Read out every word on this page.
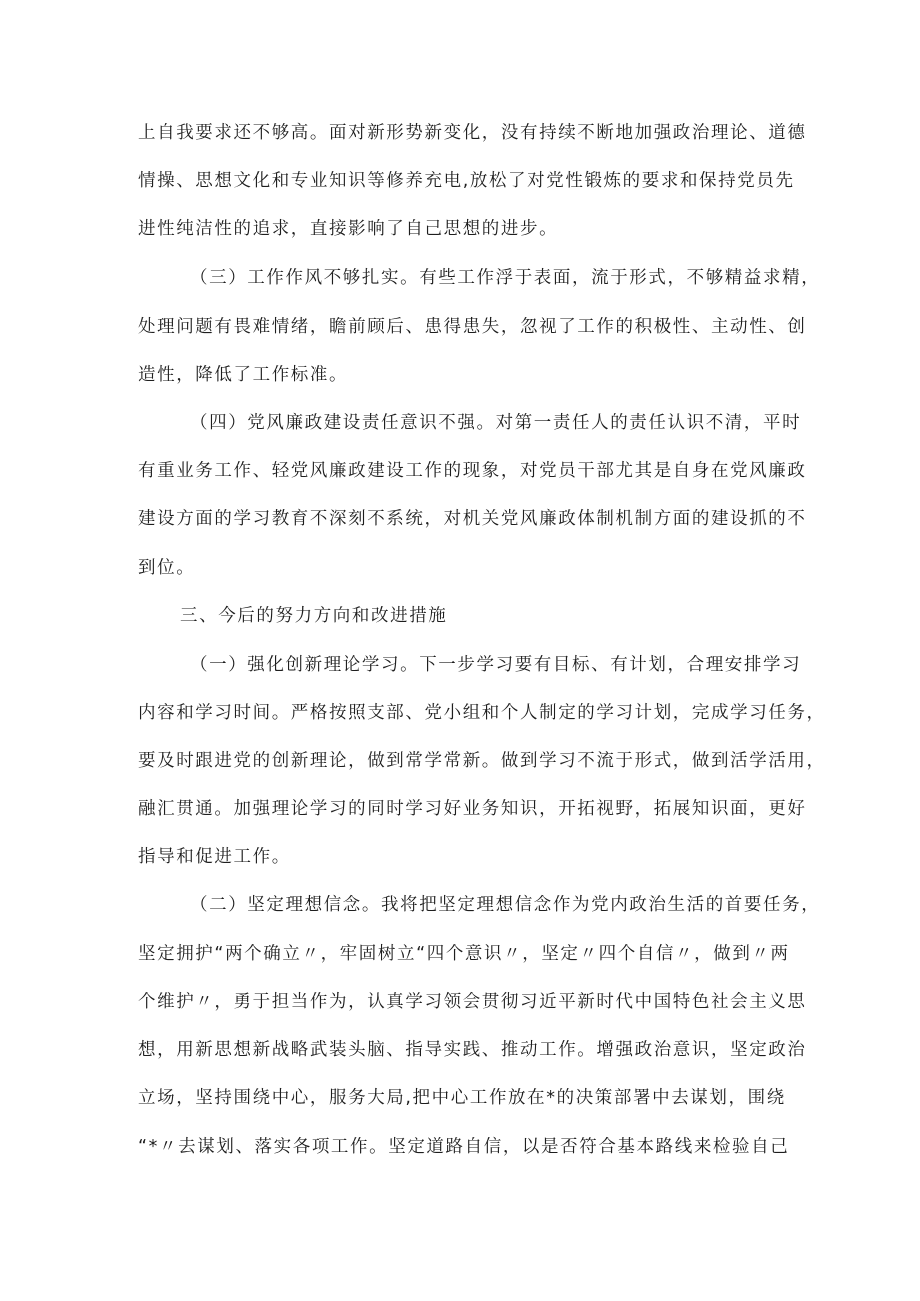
上自我要求还不够高。面对新形势新变化，没有持续不断地加强政治理论、道德

情操、思想文化和专业知识等修养充电,放松了对党性锻炼的要求和保持党员先

进性纯洁性的追求，直接影响了自己思想的进步。

（三）工作作风不够扎实。有些工作浮于表面，流于形式，不够精益求精，

处理问题有畏难情绪，瞻前顾后、患得患失，忽视了工作的积极性、主动性、创

造性，降低了工作标准。

（四）党风廉政建设责任意识不强。对第一责任人的责任认识不清，平时

有重业务工作、轻党风廉政建设工作的现象，对党员干部尤其是自身在党风廉政

建设方面的学习教育不深刻不系统，对机关党风廉政体制机制方面的建设抓的不

到位。

三、今后的努力方向和改进措施

（一）强化创新理论学习。下一步学习要有目标、有计划，合理安排学习

内容和学习时间。严格按照支部、党小组和个人制定的学习计划，完成学习任务，

要及时跟进党的创新理论，做到常学常新。做到学习不流于形式，做到活学活用，

融汇贯通。加强理论学习的同时学习好业务知识，开拓视野，拓展知识面，更好

指导和促进工作。

（二）坚定理想信念。我将把坚定理想信念作为党内政治生活的首要任务，

坚定拥护“两个确立〃，牢固树立“四个意识〃，坚定〃四个自信〃，做到〃两

个维护〃，勇于担当作为，认真学习领会贯彻习近平新时代中国特色社会主义思

想，用新思想新战略武装头脑、指导实践、推动工作。增强政治意识，坚定政治

立场，坚持围绕中心，服务大局,把中心工作放在*的决策部署中去谋划，围绕

“*〃去谋划、落实各项工作。坚定道路自信，以是否符合基本路线来检验自己
